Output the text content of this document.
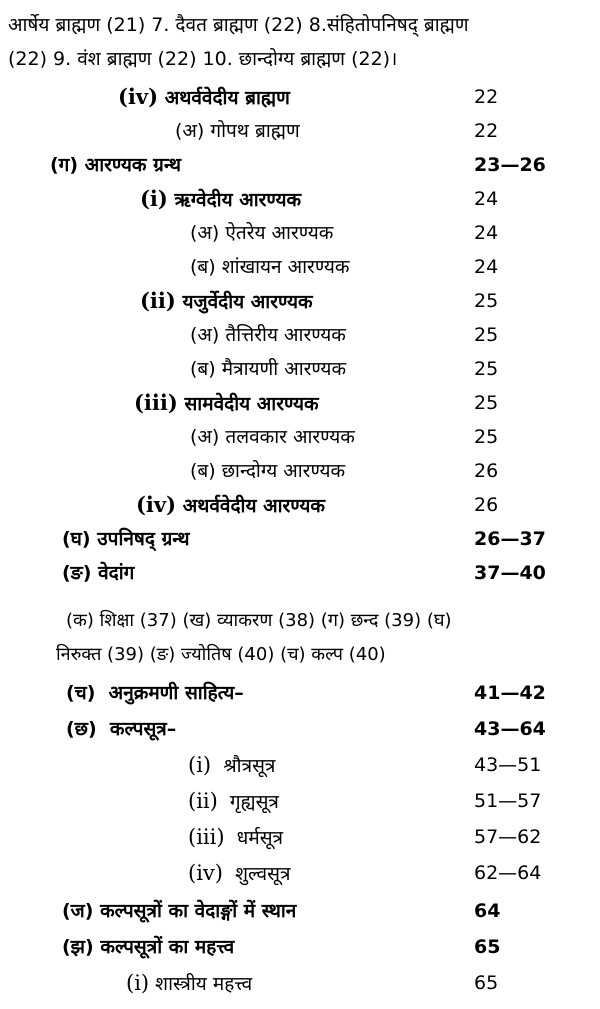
आर्षेय ब्राह्मण (21) 7. दैवत ब्राह्मण (22) 8.संहितोपनिषद् ब्राह्मण
(22) 9. वंश ब्राह्मण (22) 10. छान्दोग्य ब्राह्मण (22)।
(iv) अथर्ववेदीय ब्राह्मण	22
(अ) गोपथ ब्राह्मण	22
(ग) आरण्यक ग्रन्थ	23—26
(i) ऋग्वेदीय आरण्यक	24
(अ) ऐतरेय आरण्यक	24
(ब) शांखायन आरण्यक	24
(ii) यजुर्वेदीय आरण्यक	25
(अ) तैत्तिरीय आरण्यक	25
(ब) मैत्रायणी आरण्यक	25
(iii) सामवेदीय आरण्यक	25
(अ) तलवकार आरण्यक	25
(ब) छान्दोग्य आरण्यक	26
(iv) अथर्ववेदीय आरण्यक	26
(घ) उपनिषद् ग्रन्थ	26—37
(ङ) वेदांग	37—40
(क) शिक्षा (37) (ख) व्याकरण (38) (ग) छन्द (39) (घ)
निरुक्त (39) (ङ) ज्योतिष (40) (च) कल्प (40)
(च) अनुक्रमणी साहित्य–	41—42
(छ) कल्पसूत्र–	43—64
(i) श्रौत्रसूत्र	43—51
(ii) गृह्यसूत्र	51—57
(iii) धर्मसूत्र	57—62
(iv) शुल्वसूत्र	62—64
(ज) कल्पसूत्रों का वेदाङ्गों में स्थान	64
(झ) कल्पसूत्रों का महत्त्व	65
(i) शास्त्रीय महत्त्व	65
